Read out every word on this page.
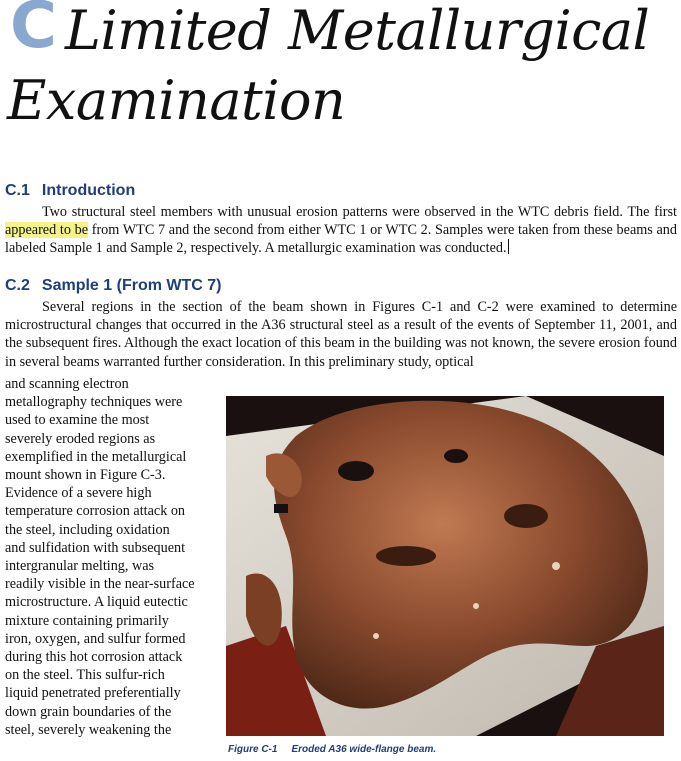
C Limited Metallurgical
Examination
C.1 Introduction
Two structural steel members with unusual erosion patterns were observed in the WTC debris field. The first appeared to be from WTC 7 and the second from either WTC 1 or WTC 2. Samples were taken from these beams and labeled Sample 1 and Sample 2, respectively. A metallurgic examination was conducted.
C.2 Sample 1 (From WTC 7)
Several regions in the section of the beam shown in Figures C-1 and C-2 were examined to determine microstructural changes that occurred in the A36 structural steel as a result of the events of September 11, 2001, and the subsequent fires. Although the exact location of this beam in the building was not known, the severe erosion found in several beams warranted further consideration. In this preliminary study, optical
and scanning electron
metallography techniques were
used to examine the most
severely eroded regions as
exemplified in the metallurgical
mount shown in Figure C-3.
Evidence of a severe high
temperature corrosion attack on
the steel, including oxidation
and sulfidation with subsequent
intergranular melting, was
readily visible in the near-surface
microstructure. A liquid eutectic
mixture containing primarily
iron, oxygen, and sulfur formed
during this hot corrosion attack
on the steel. This sulfur-rich
liquid penetrated preferentially
down grain boundaries of the
steel, severely weakening the
Figure C-1 Eroded A36 wide-flange beam.
